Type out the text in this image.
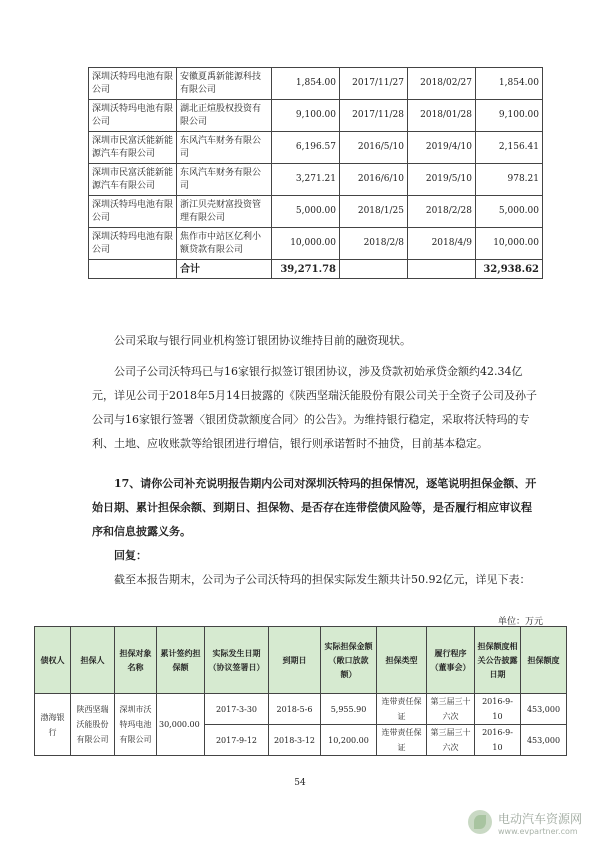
深圳沃特玛电池有限公司	安徽夏禹新能源科技有限公司	1,854.00	2017/11/27	2018/02/27	1,854.00
深圳沃特玛电池有限公司	湖北正煊股权投资有限公司	9,100.00	2017/11/28	2018/01/28	9,100.00
深圳市民富沃能新能源汽车有限公司	东风汽车财务有限公司	6,196.57	2016/5/10	2019/4/10	2,156.41
深圳市民富沃能新能源汽车有限公司	东风汽车财务有限公司	3,271.21	2016/6/10	2019/5/10	978.21
深圳沃特玛电池有限公司	浙江贝壳财富投资管理有限公司	5,000.00	2018/1/25	2018/2/28	5,000.00
深圳沃特玛电池有限公司	焦作市中站区亿利小额贷款有限公司	10,000.00	2018/2/8	2018/4/9	10,000.00
	合计	39,271.78			32,938.62
公司采取与银行同业机构签订银团协议维持目前的融资现状。
公司子公司沃特玛已与16家银行拟签订银团协议，涉及贷款初始承贷金额约42.34亿元，详见公司于2018年5月14日披露的《陕西坚瑞沃能股份有限公司关于全资子公司及孙子公司与16家银行签署〈银团贷款额度合同〉的公告》。为维持银行稳定，采取将沃特玛的专利、土地、应收账款等给银团进行增信，银行则承诺暂时不抽贷，目前基本稳定。
17、请你公司补充说明报告期内公司对深圳沃特玛的担保情况，逐笔说明担保金额、开始日期、累计担保余额、到期日、担保物、是否存在连带偿债风险等，是否履行相应审议程序和信息披露义务。
回复：
截至本报告期末，公司为子公司沃特玛的担保实际发生额共计50.92亿元，详见下表：
单位：万元
债权人	担保人	担保对象名称	累计签约担保额	实际发生日期（协议签署日）	到期日	实际担保金额（敞口放款额）	担保类型	履行程序（董事会）	担保额度相关公告披露日期	担保额度
渤海银行	陕西坚瑞沃能股份有限公司	深圳市沃特玛电池有限公司	30,000.00	2017-3-30	2018-5-6	5,955.90	连带责任保证	第三届三十六次	2016-9-10	453,000
				2017-9-12	2018-3-12	10,200.00	连带责任保证	第三届三十六次	2016-9-10	453,000
54
电动汽车资源网
www.evpartner.com
